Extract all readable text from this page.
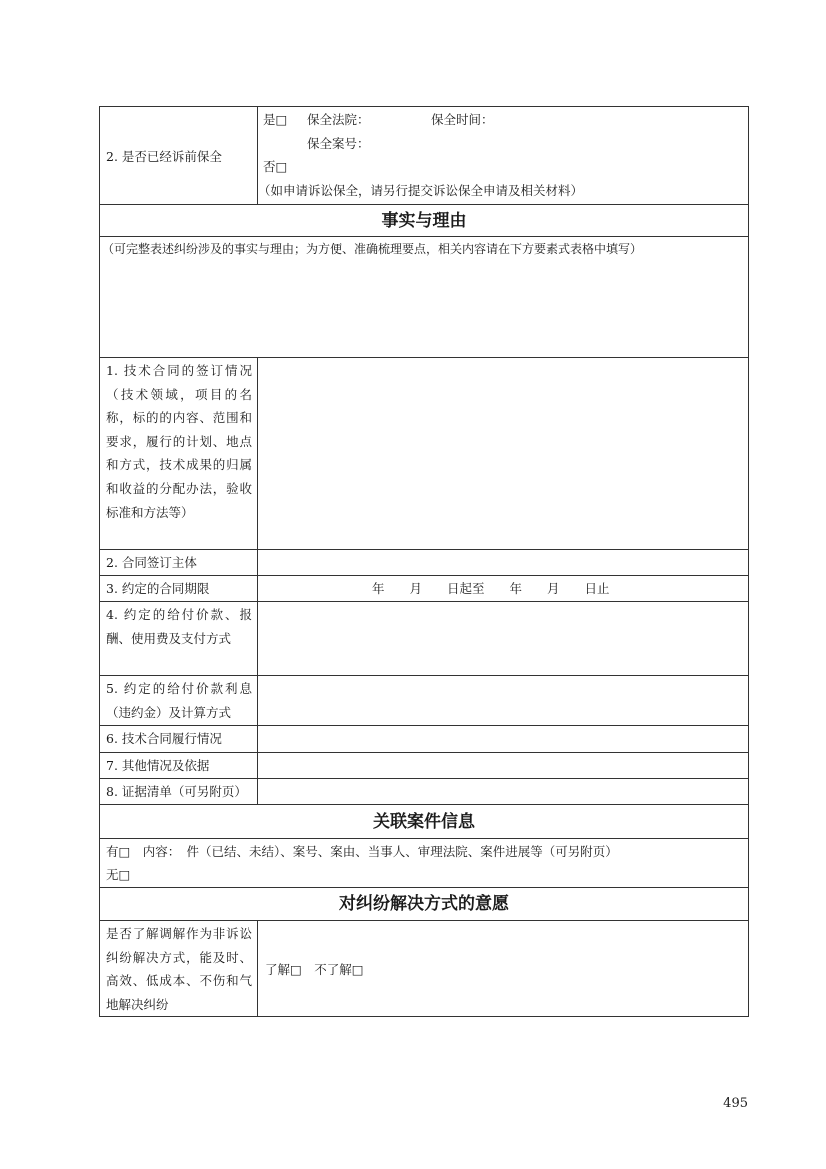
2. 是否已经诉前保全
是□ 保全法院：	保全时间：
保全案号：
否□
（如申请诉讼保全，请另行提交诉讼保全申请及相关材料）
事实与理由
（可完整表述纠纷涉及的事实与理由；为方便、准确梳理要点，相关内容请在下方要素式表格中填写）
1. 技术合同的签订情况（技术领域，项目的名称，标的的内容、范围和要求，履行的计划、地点和方式，技术成果的归属和收益的分配办法，验收标准和方法等）
2. 合同签订主体
3. 约定的合同期限	年　　月　　日起至　　年　　月　　日止
4. 约定的给付价款、报酬、使用费及支付方式
5. 约定的给付价款利息（违约金）及计算方式
6. 技术合同履行情况
7. 其他情况及依据
8. 证据清单（可另附页）
关联案件信息
有□　内容：　件（已结、未结）、案号、案由、当事人、审理法院、案件进展等（可另附页）
无□
对纠纷解决方式的意愿
是否了解调解作为非诉讼纠纷解决方式，能及时、高效、低成本、不伤和气地解决纠纷
了解□　不了解□
495
